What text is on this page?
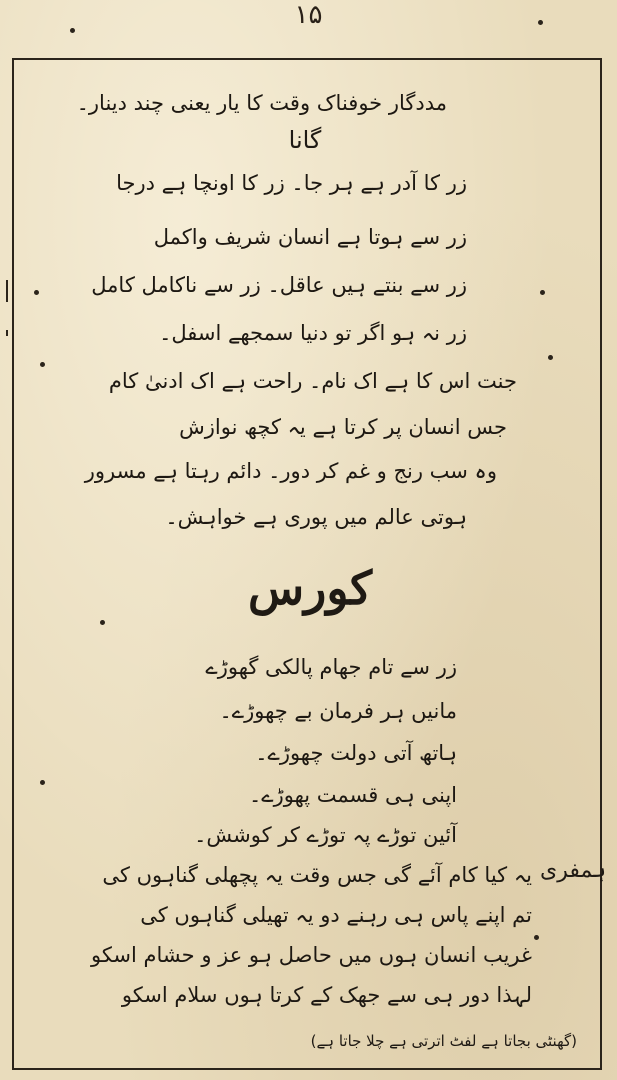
۱۵
مددگار خوفناک وقت کا یار یعنی چند دینار۔
گانا
زر کا آدر ہے ہر جا۔ زر کا اونچا ہے درجا
زر سے ہوتا ہے انسان شریف واکمل
زر سے بنتے ہیں عاقل۔ زر سے ناکامل کامل
زر نہ ہو اگر تو دنیا سمجھے اسفل۔
جنت اس کا ہے اک نام۔ راحت ہے اک ادنیٰ کام
جس انسان پر کرتا ہے یہ کچھ نوازش
وہ سب رنج و غم کر دور۔ دائم رہتا ہے مسرور
ہوتی عالم میں پوری ہے خواہش۔
کورس
زر سے تام جھام پالکی گھوڑے
مانیں ہر فرمان بے چھوڑے۔
ہاتھ آتی دولت چھوڑے۔
اپنی ہی قسمت پھوڑے۔
آئین توڑے پہ توڑے کر کوشش۔
ہمفری
یہ کیا کام آئے گی جس وقت یہ پچھلی گناہوں کی
تم اپنے پاس ہی رہنے دو یہ تھیلی گناہوں کی
غریب انسان ہوں میں حاصل ہو عز و حشام اسکو
لہذا دور ہی سے جھک کے کرتا ہوں سلام اسکو
(گھنٹی بجاتا ہے لفٹ اترتی ہے چلا جاتا ہے)
